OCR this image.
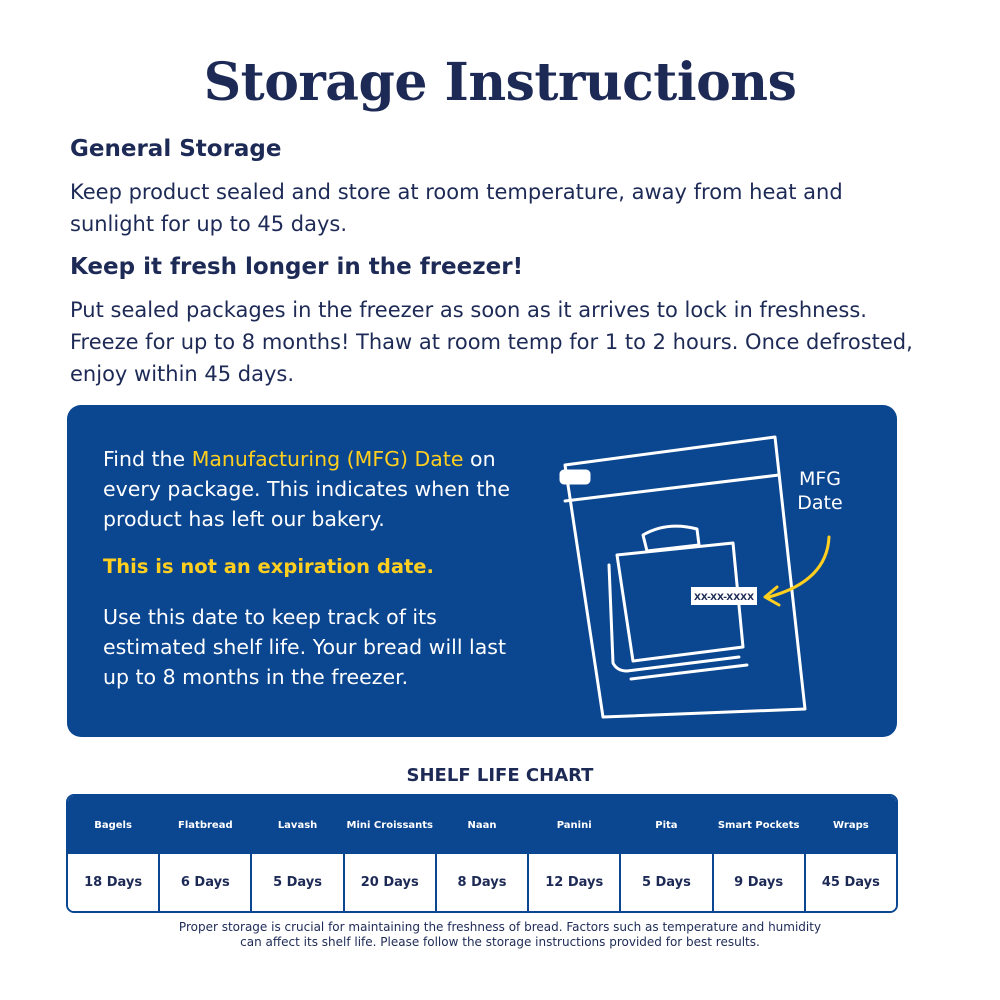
Storage Instructions
General Storage
Keep product sealed and store at room temperature, away from heat and sunlight for up to 45 days.
Keep it fresh longer in the freezer!
Put sealed packages in the freezer as soon as it arrives to lock in freshness. Freeze for up to 8 months! Thaw at room temp for 1 to 2 hours. Once defrosted, enjoy within 45 days.
Find the Manufacturing (MFG) Date on every package. This indicates when the product has left our bakery.
This is not an expiration date.
Use this date to keep track of its estimated shelf life. Your bread will last up to 8 months in the freezer.
XX-XX-XXXX
MFG
Date
SHELF LIFE CHART
Bagels
18 Days
Flatbread
6 Days
Lavash
5 Days
Mini Croissants
20 Days
Naan
8 Days
Panini
12 Days
Pita
5 Days
Smart Pockets
9 Days
Wraps
45 Days
Proper storage is crucial for maintaining the freshness of bread. Factors such as temperature and humidity
can affect its shelf life. Please follow the storage instructions provided for best results.
